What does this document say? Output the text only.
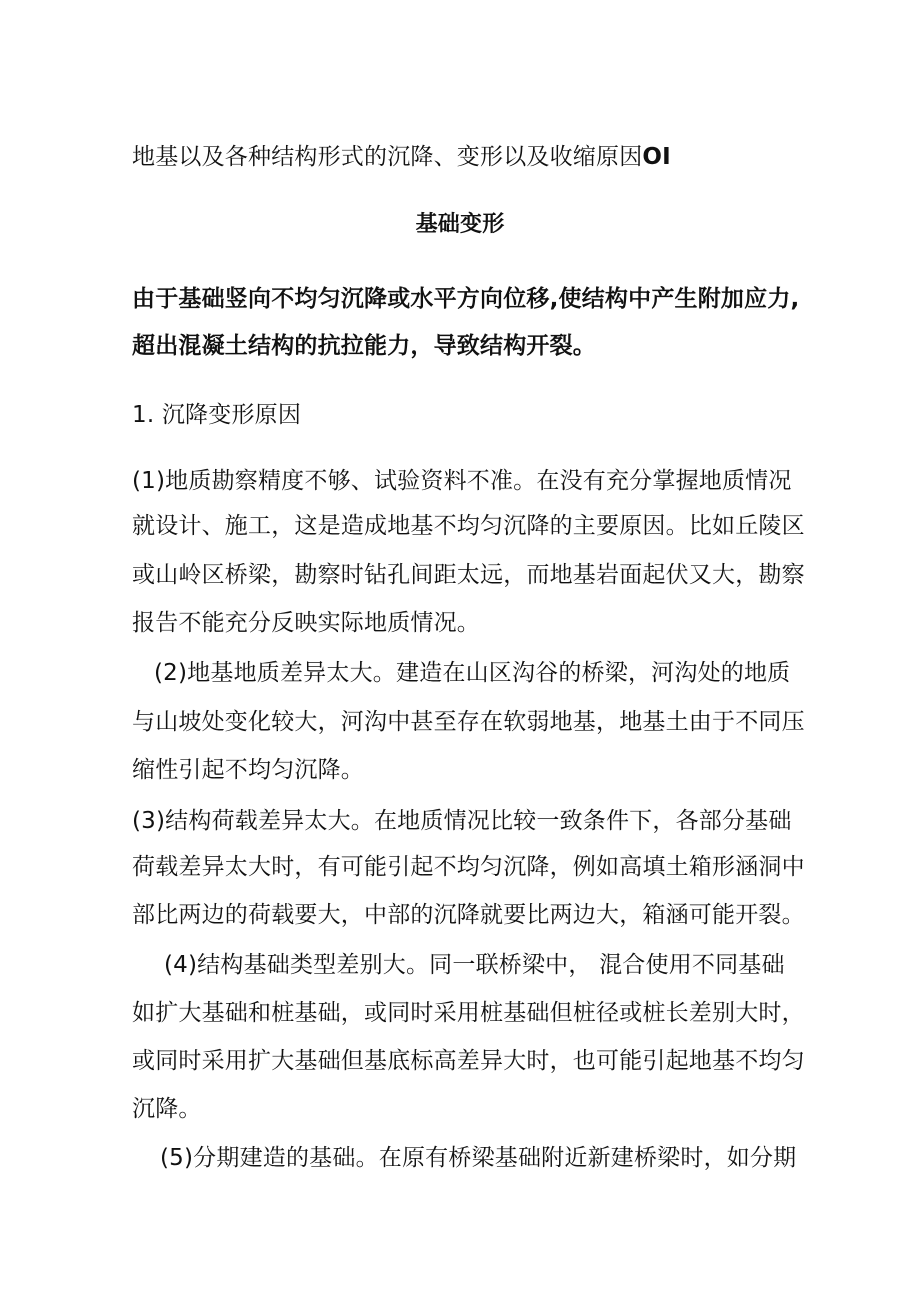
地基以及各种结构形式的沉降、变形以及收缩原因OI
基础变形
由于基础竖向不均匀沉降或水平方向位移,使结构中产生附加应力,
超出混凝土结构的抗拉能力，导致结构开裂。
1. 沉降变形原因
(1)地质勘察精度不够、试验资料不准。在没有充分掌握地质情况
就设计、施工，这是造成地基不均匀沉降的主要原因。比如丘陵区
或山岭区桥梁，勘察时钻孔间距太远，而地基岩面起伏又大，勘察
报告不能充分反映实际地质情况。
(2)地基地质差异太大。建造在山区沟谷的桥梁，河沟处的地质
与山坡处变化较大，河沟中甚至存在软弱地基，地基土由于不同压
缩性引起不均匀沉降。
(3)结构荷载差异太大。在地质情况比较一致条件下，各部分基础
荷载差异太大时，有可能引起不均匀沉降，例如高填土箱形涵洞中
部比两边的荷载要大，中部的沉降就要比两边大，箱涵可能开裂。
(4)结构基础类型差别大。同一联桥梁中， 混合使用不同基础
如扩大基础和桩基础，或同时采用桩基础但桩径或桩长差别大时，
或同时采用扩大基础但基底标高差异大时，也可能引起地基不均匀
沉降。
(5)分期建造的基础。在原有桥梁基础附近新建桥梁时，如分期
